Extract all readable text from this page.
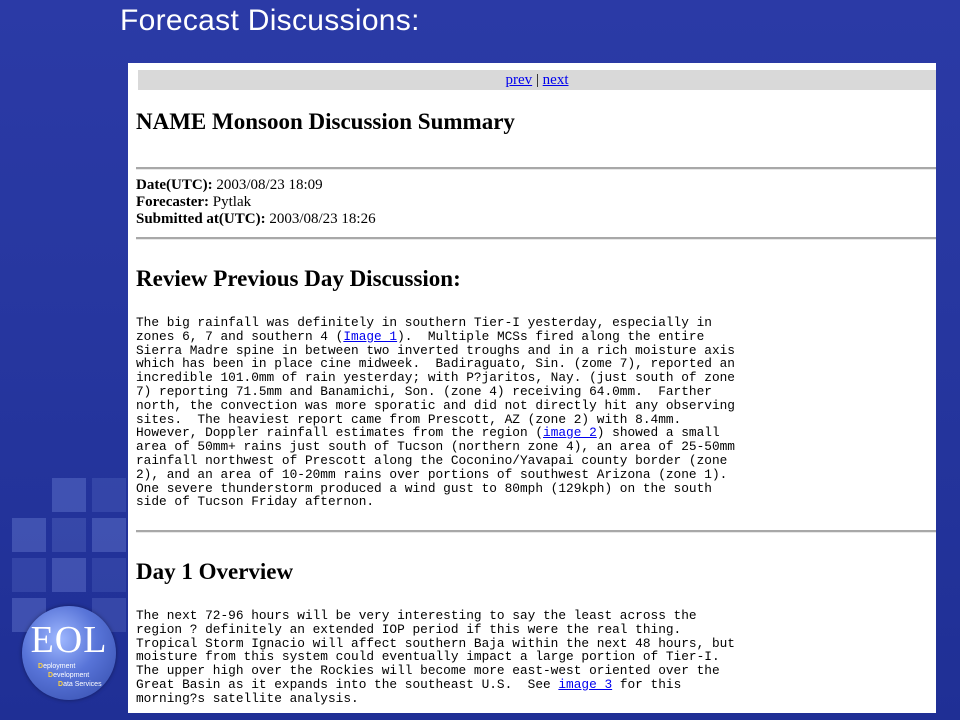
Forecast Discussions:
EOL
Deployment
Development
Data Services
prev | next
NAME Monsoon Discussion Summary
Date(UTC): 2003/08/23 18:09
Forecaster: Pytlak
Submitted at(UTC): 2003/08/23 18:26
Review Previous Day Discussion:
The big rainfall was definitely in southern Tier-I yesterday, especially in
zones 6, 7 and southern 4 (Image 1).  Multiple MCSs fired along the entire
Sierra Madre spine in between two inverted troughs and in a rich moisture axis
which has been in place cine midweek.  Badiraguato, Sin. (zome 7), reported an
incredible 101.0mm of rain yesterday; with P?jaritos, Nay. (just south of zone
7) reporting 71.5mm and Banamichi, Son. (zone 4) receiving 64.0mm.  Farther
north, the convection was more sporatic and did not directly hit any observing
sites.  The heaviest report came from Prescott, AZ (zone 2) with 8.4mm.
However, Doppler rainfall estimates from the region (image 2) showed a small
area of 50mm+ rains just south of Tucson (northern zone 4), an area of 25-50mm
rainfall northwest of Prescott along the Coconino/Yavapai county border (zone
2), and an area of 10-20mm rains over portions of southwest Arizona (zone 1).
One severe thunderstorm produced a wind gust to 80mph (129kph) on the south
side of Tucson Friday afternon.
Day 1 Overview
The next 72-96 hours will be very interesting to say the least across the
region ? definitely an extended IOP period if this were the real thing.
Tropical Storm Ignacio will affect southern Baja within the next 48 hours, but
moisture from this system could eventually impact a large portion of Tier-I.
The upper high over the Rockies will become more east-west oriented over the
Great Basin as it expands into the southeast U.S.  See image 3 for this
morning?s satellite analysis.
